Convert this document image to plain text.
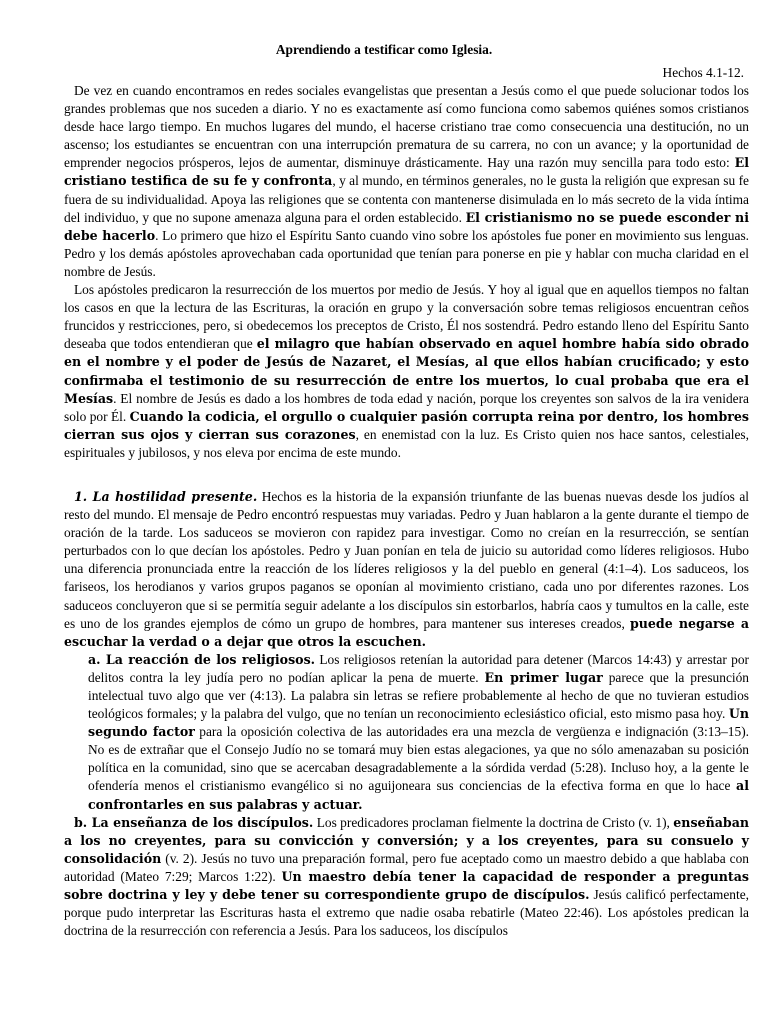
Aprendiendo a testificar como Iglesia.

Hechos 4.1-12.

De vez en cuando encontramos en redes sociales evangelistas que presentan a Jesús como el que puede solucionar todos los grandes problemas que nos suceden a diario. Y no es exactamente así como funciona como sabemos quiénes somos cristianos desde hace largo tiempo. En muchos lugares del mundo, el hacerse cristiano trae como consecuencia una destitución, no un ascenso; los estudiantes se encuentran con una interrupción prematura de su carrera, no con un avance; y la oportunidad de emprender negocios prósperos, lejos de aumentar, disminuye drásticamente. Hay una razón muy sencilla para todo esto: El cristiano testifica de su fe y confronta, y al mundo, en términos generales, no le gusta la religión que expresan su fe fuera de su individualidad. Apoya las religiones que se contenta con mantenerse disimulada en lo más secreto de la vida íntima del individuo, y que no supone amenaza alguna para el orden establecido. El cristianismo no se puede esconder ni debe hacerlo. Lo primero que hizo el Espíritu Santo cuando vino sobre los apóstoles fue poner en movimiento sus lenguas. Pedro y los demás apóstoles aprovechaban cada oportunidad que tenían para ponerse en pie y hablar con mucha claridad en el nombre de Jesús.

Los apóstoles predicaron la resurrección de los muertos por medio de Jesús. Y hoy al igual que en aquellos tiempos no faltan los casos en que la lectura de las Escrituras, la oración en grupo y la conversación sobre temas religiosos encuentran ceños fruncidos y restricciones, pero, si obedecemos los preceptos de Cristo, Él nos sostendrá. Pedro estando lleno del Espíritu Santo deseaba que todos entendieran que el milagro que habían observado en aquel hombre había sido obrado en el nombre y el poder de Jesús de Nazaret, el Mesías, al que ellos habían crucificado; y esto confirmaba el testimonio de su resurrección de entre los muertos, lo cual probaba que era el Mesías. El nombre de Jesús es dado a los hombres de toda edad y nación, porque los creyentes son salvos de la ira venidera solo por Él. Cuando la codicia, el orgullo o cualquier pasión corrupta reina por dentro, los hombres cierran sus ojos y cierran sus corazones, en enemistad con la luz. Es Cristo quien nos hace santos, celestiales, espirituales y jubilosos, y nos eleva por encima de este mundo.

1. La hostilidad presente. Hechos es la historia de la expansión triunfante de las buenas nuevas desde los judíos al resto del mundo. El mensaje de Pedro encontró respuestas muy variadas. Pedro y Juan hablaron a la gente durante el tiempo de oración de la tarde. Los saduceos se movieron con rapidez para investigar. Como no creían en la resurrección, se sentían perturbados con lo que decían los apóstoles. Pedro y Juan ponían en tela de juicio su autoridad como líderes religiosos. Hubo una diferencia pronunciada entre la reacción de los líderes religiosos y la del pueblo en general (4:1–4). Los saduceos, los fariseos, los herodianos y varios grupos paganos se oponían al movimiento cristiano, cada uno por diferentes razones. Los saduceos concluyeron que si se permitía seguir adelante a los discípulos sin estorbarlos, habría caos y tumultos en la calle, este es uno de los grandes ejemplos de cómo un grupo de hombres, para mantener sus intereses creados, puede negarse a escuchar la verdad o a dejar que otros la escuchen.

a. La reacción de los religiosos. Los religiosos retenían la autoridad para detener (Marcos 14:43) y arrestar por delitos contra la ley judía pero no podían aplicar la pena de muerte. En primer lugar parece que la presunción intelectual tuvo algo que ver (4:13). La palabra sin letras se refiere probablemente al hecho de que no tuvieran estudios teológicos formales; y la palabra del vulgo, que no tenían un reconocimiento eclesiástico oficial, esto mismo pasa hoy. Un segundo factor para la oposición colectiva de las autoridades era una mezcla de vergüenza e indignación (3:13–15). No es de extrañar que el Consejo Judío no se tomará muy bien estas alegaciones, ya que no sólo amenazaban su posición política en la comunidad, sino que se acercaban desagradablemente a la sórdida verdad (5:28). Incluso hoy, a la gente le ofendería menos el cristianismo evangélico si no aguijoneara sus conciencias de la efectiva forma en que lo hace al confrontarles en sus palabras y actuar.

b. La enseñanza de los discípulos. Los predicadores proclaman fielmente la doctrina de Cristo (v. 1), enseñaban a los no creyentes, para su convicción y conversión; y a los creyentes, para su consuelo y consolidación (v. 2). Jesús no tuvo una preparación formal, pero fue aceptado como un maestro debido a que hablaba con autoridad (Mateo 7:29; Marcos 1:22). Un maestro debía tener la capacidad de responder a preguntas sobre doctrina y ley y debe tener su correspondiente grupo de discípulos. Jesús calificó perfectamente, porque pudo interpretar las Escrituras hasta el extremo que nadie osaba rebatirle (Mateo 22:46). Los apóstoles predican la doctrina de la resurrección con referencia a Jesús. Para los saduceos, los discípulos
